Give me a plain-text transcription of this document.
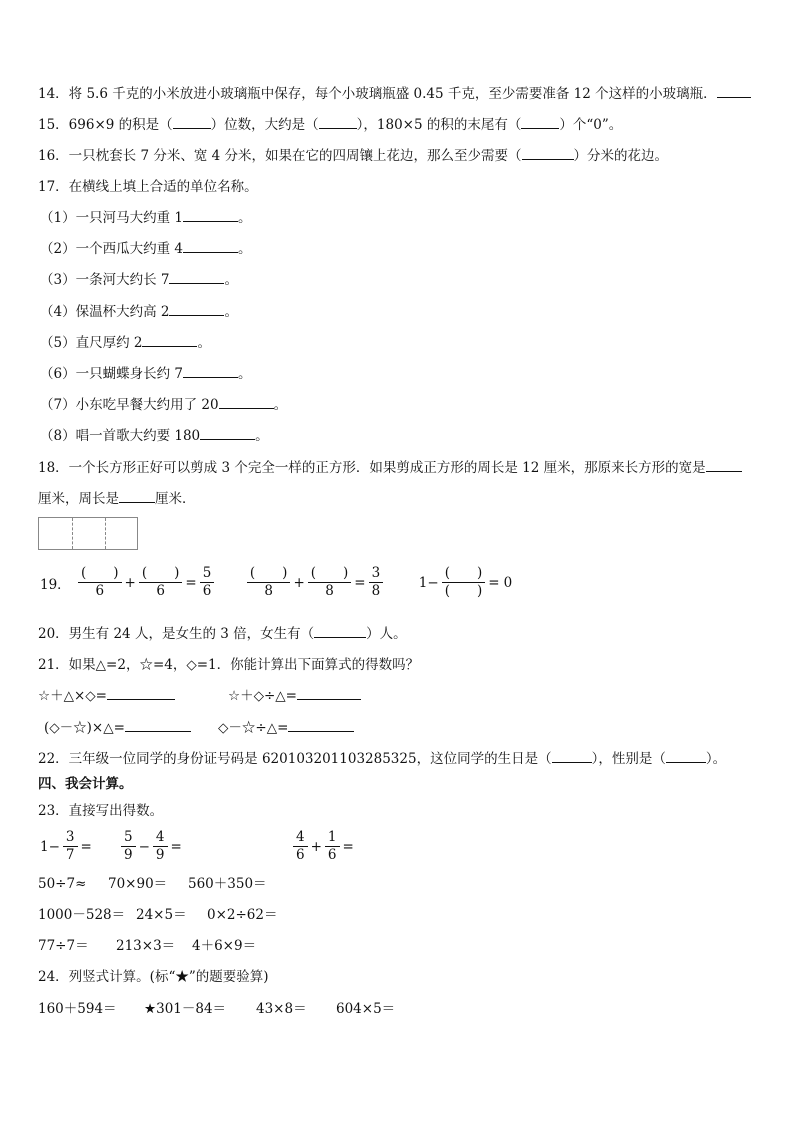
14．将 5.6 千克的小米放进小玻璃瓶中保存，每个小玻璃瓶盛 0.45 千克，至少需要准备 12 个这样的小玻璃瓶．
15．696×9 的积是（	）位数，大约是（	），180×5 的积的末尾有（	）个“0”。
16．一只枕套长 7 分米、宽 4 分米，如果在它的四周镶上花边，那么至少需要（	）分米的花边。
17．在横线上填上合适的单位名称。
（1）一只河马大约重 1	。
（2）一个西瓜大约重 4	。
（3）一条河大约长 7	。
（4）保温杯大约高 2	。
（5）直尺厚约 2	。
（6）一只蝴蝶身长约 7	。
（7）小东吃早餐大约用了 20	。
（8）唱一首歌大约要 180	。
18．一个长方形正好可以剪成 3 个完全一样的正方形．如果剪成正方形的周长是 12 厘米，那原来长方形的宽是
厘米，周长是	厘米．
19． $\frac{( )}{6} + \frac{( )}{6} = \frac{5}{6}$
$\frac{( )}{8} + \frac{( )}{8} = \frac{3}{8}$	$1- \frac{( )}{( )} = 0$
20．男生有 24 人，是女生的 3 倍，女生有（	）人。
21．如果△=2，☆=4，◇=1．你能计算出下面算式的得数吗？
☆＋△×◇=	☆＋◇÷△=
(◇－☆)×△=	◇－☆÷△=
22．三年级一位同学的身份证号码是 620103201103285325，这位同学的生日是（	），性别是（	）。
四、我会计算。
23．直接写出得数。
$1- \frac{3}{7} = \frac{5}{9} - \frac{4}{9}$ =	$\frac{4}{6} + \frac{1}{6}$ =
50÷7≈ 70×90＝ 560＋350＝
1000－528＝ 24×5＝ 0×2÷62＝
77÷7＝ 213×3＝ 4＋6×9＝
24．列竖式计算。(标“★”的题要验算)
160＋594＝ ★301－84＝ 43×8＝ 604×5＝
